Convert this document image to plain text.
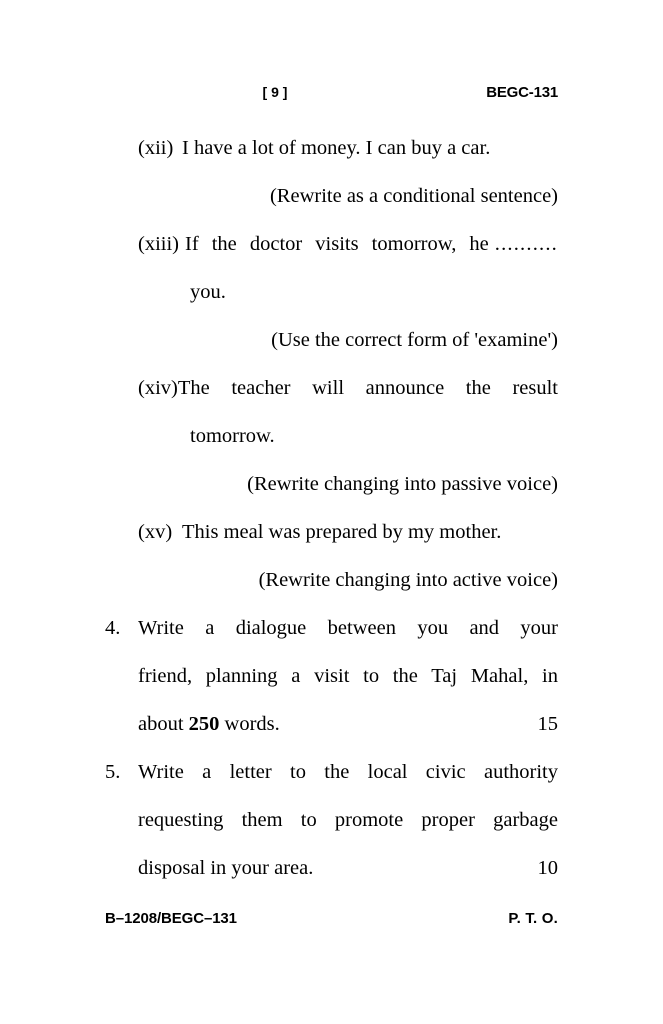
[ 9 ]	BEGC-131
(xii) I have a lot of money. I can buy a car.
(Rewrite as a conditional sentence)
(xiii) If the doctor visits tomorrow, he ..........
you.
(Use the correct form of 'examine')
(xiv)The teacher will announce the result
tomorrow.
(Rewrite changing into passive voice)
(xv) This meal was prepared by my mother.
(Rewrite changing into active voice)
4. Write a dialogue between you and your
friend, planning a visit to the Taj Mahal, in
about 250 words.	15
5. Write a letter to the local civic authority
requesting them to promote proper garbage
disposal in your area.	10
B–1208/BEGC–131	P. T. O.
